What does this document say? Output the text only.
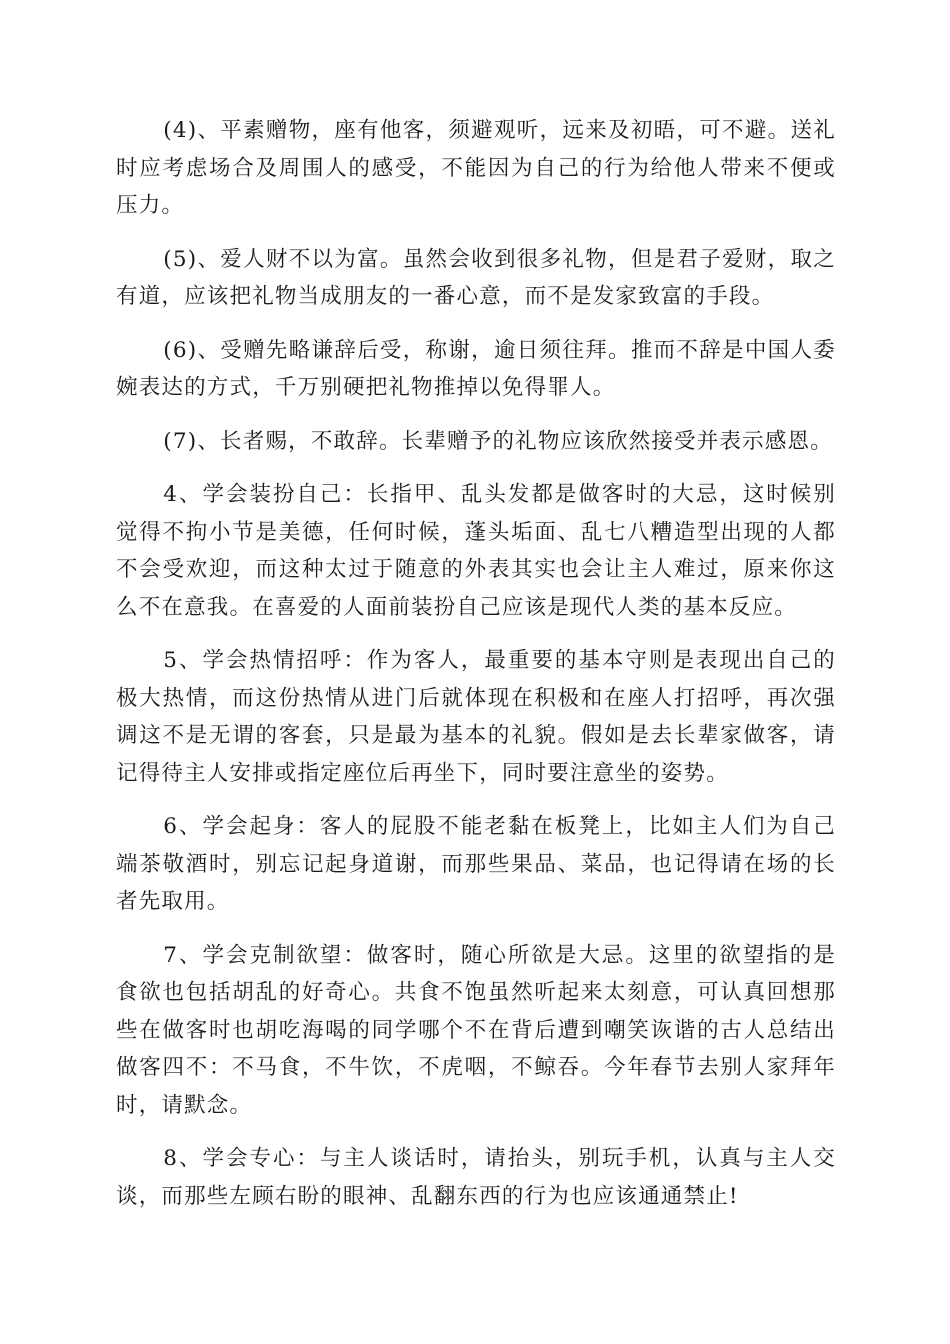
(4)、平素赠物，座有他客，须避观听，远来及初晤，可不避。送礼时应考虑场合及周围人的感受，不能因为自己的行为给他人带来不便或压力。

(5)、爱人财不以为富。虽然会收到很多礼物，但是君子爱财，取之有道，应该把礼物当成朋友的一番心意，而不是发家致富的手段。

(6)、受赠先略谦辞后受，称谢，逾日须往拜。推而不辞是中国人委婉表达的方式，千万别硬把礼物推掉以免得罪人。

(7)、长者赐，不敢辞。长辈赠予的礼物应该欣然接受并表示感恩。

4、学会装扮自己：长指甲、乱头发都是做客时的大忌，这时候别觉得不拘小节是美德，任何时候，蓬头垢面、乱七八糟造型出现的人都不会受欢迎，而这种太过于随意的外表其实也会让主人难过，原来你这么不在意我。在喜爱的人面前装扮自己应该是现代人类的基本反应。

5、学会热情招呼：作为客人，最重要的基本守则是表现出自己的极大热情，而这份热情从进门后就体现在积极和在座人打招呼，再次强调这不是无谓的客套，只是最为基本的礼貌。假如是去长辈家做客，请记得待主人安排或指定座位后再坐下，同时要注意坐的姿势。

6、学会起身：客人的屁股不能老黏在板凳上，比如主人们为自己端茶敬酒时，别忘记起身道谢，而那些果品、菜品，也记得请在场的长者先取用。

7、学会克制欲望：做客时，随心所欲是大忌。这里的欲望指的是食欲也包括胡乱的好奇心。共食不饱虽然听起来太刻意，可认真回想那些在做客时也胡吃海喝的同学哪个不在背后遭到嘲笑诙谐的古人总结出做客四不：不马食，不牛饮，不虎咽，不鲸吞。今年春节去别人家拜年时，请默念。

8、学会专心：与主人谈话时，请抬头，别玩手机，认真与主人交谈，而那些左顾右盼的眼神、乱翻东西的行为也应该通通禁止!
